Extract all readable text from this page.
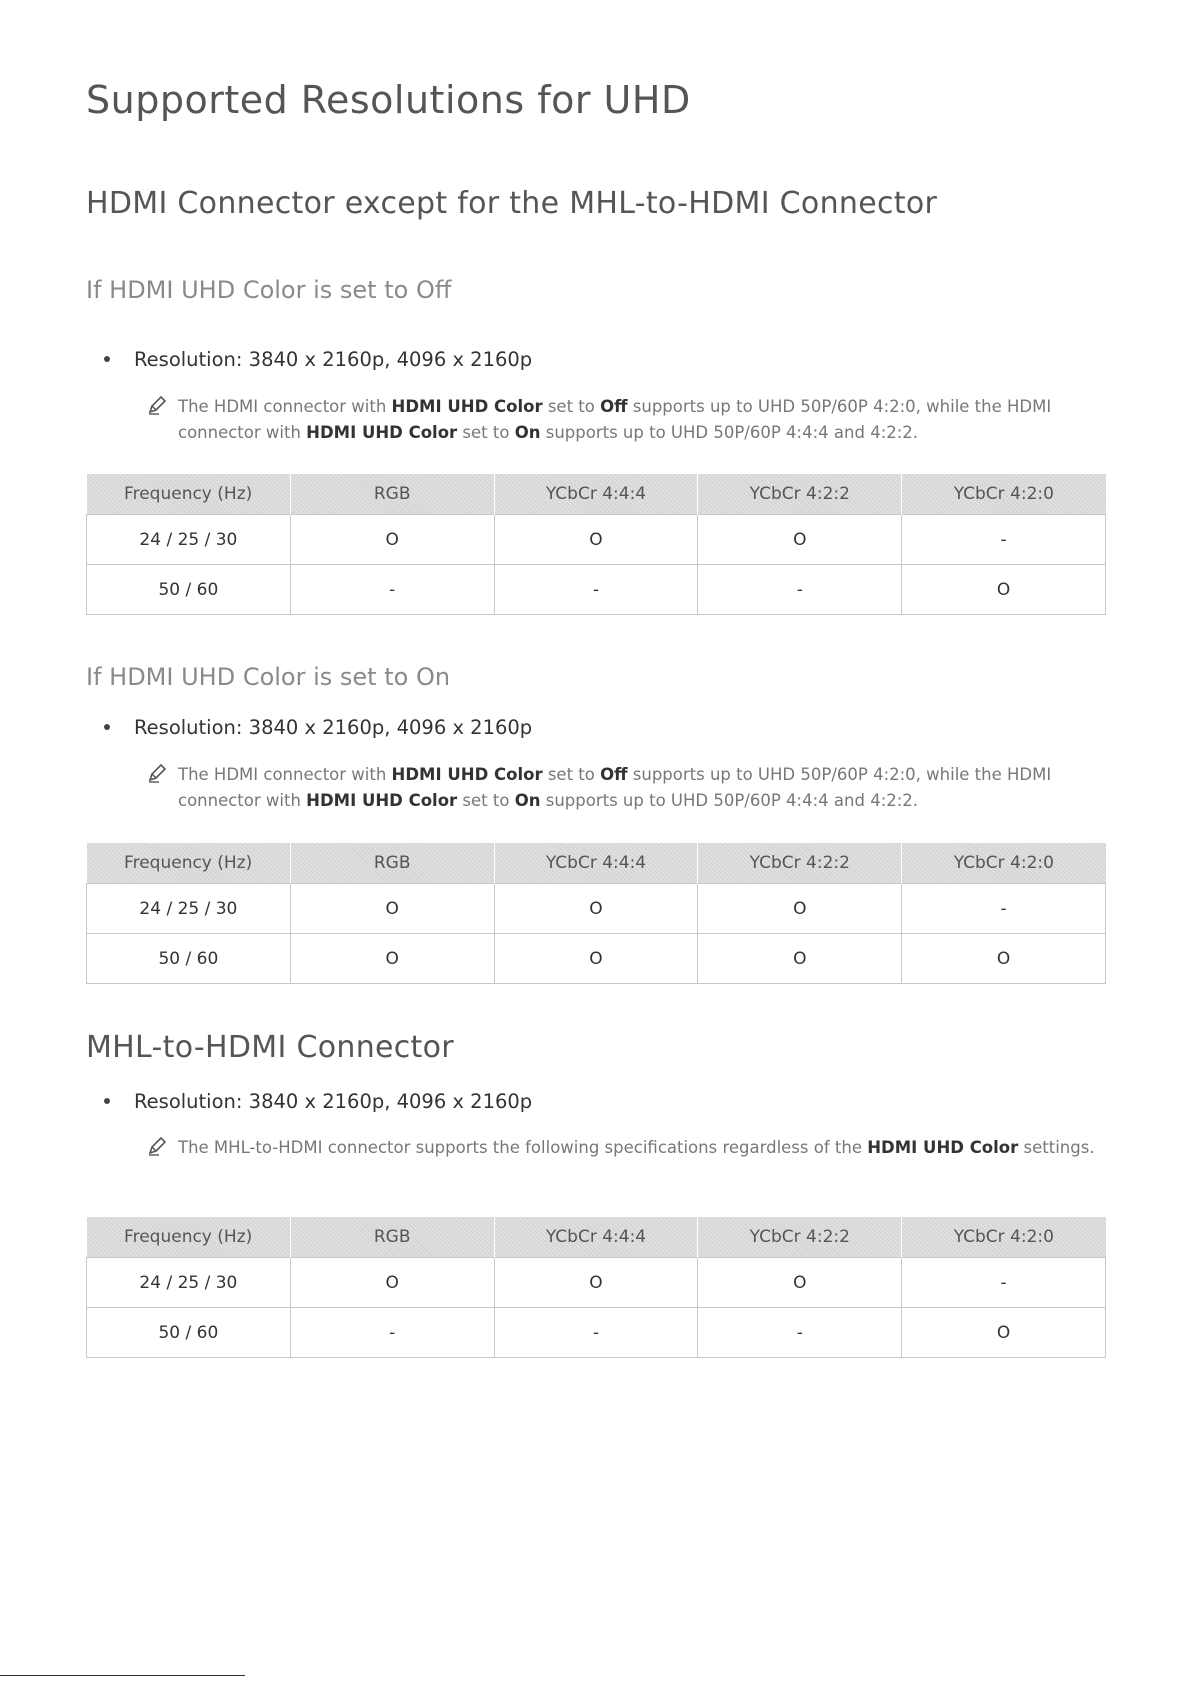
Supported Resolutions for UHD
HDMI Connector except for the MHL-to-HDMI Connector
If HDMI UHD Color is set to Off
Resolution: 3840 x 2160p, 4096 x 2160p
The HDMI connector with HDMI UHD Color set to Off supports up to UHD 50P/60P 4:2:0, while the HDMI connector with HDMI UHD Color set to On supports up to UHD 50P/60P 4:4:4 and 4:2:2.
Frequency (Hz)	RGB	YCbCr 4:4:4	YCbCr 4:2:2	YCbCr 4:2:0
24 / 25 / 30	O	O	O	-
50 / 60	-	-	-	O
If HDMI UHD Color is set to On
Resolution: 3840 x 2160p, 4096 x 2160p
The HDMI connector with HDMI UHD Color set to Off supports up to UHD 50P/60P 4:2:0, while the HDMI connector with HDMI UHD Color set to On supports up to UHD 50P/60P 4:4:4 and 4:2:2.
Frequency (Hz)	RGB	YCbCr 4:4:4	YCbCr 4:2:2	YCbCr 4:2:0
24 / 25 / 30	O	O	O	-
50 / 60	O	O	O	O
MHL-to-HDMI Connector
Resolution: 3840 x 2160p, 4096 x 2160p
The MHL-to-HDMI connector supports the following specifications regardless of the HDMI UHD Color settings.
Frequency (Hz)	RGB	YCbCr 4:4:4	YCbCr 4:2:2	YCbCr 4:2:0
24 / 25 / 30	O	O	O	-
50 / 60	-	-	-	O
